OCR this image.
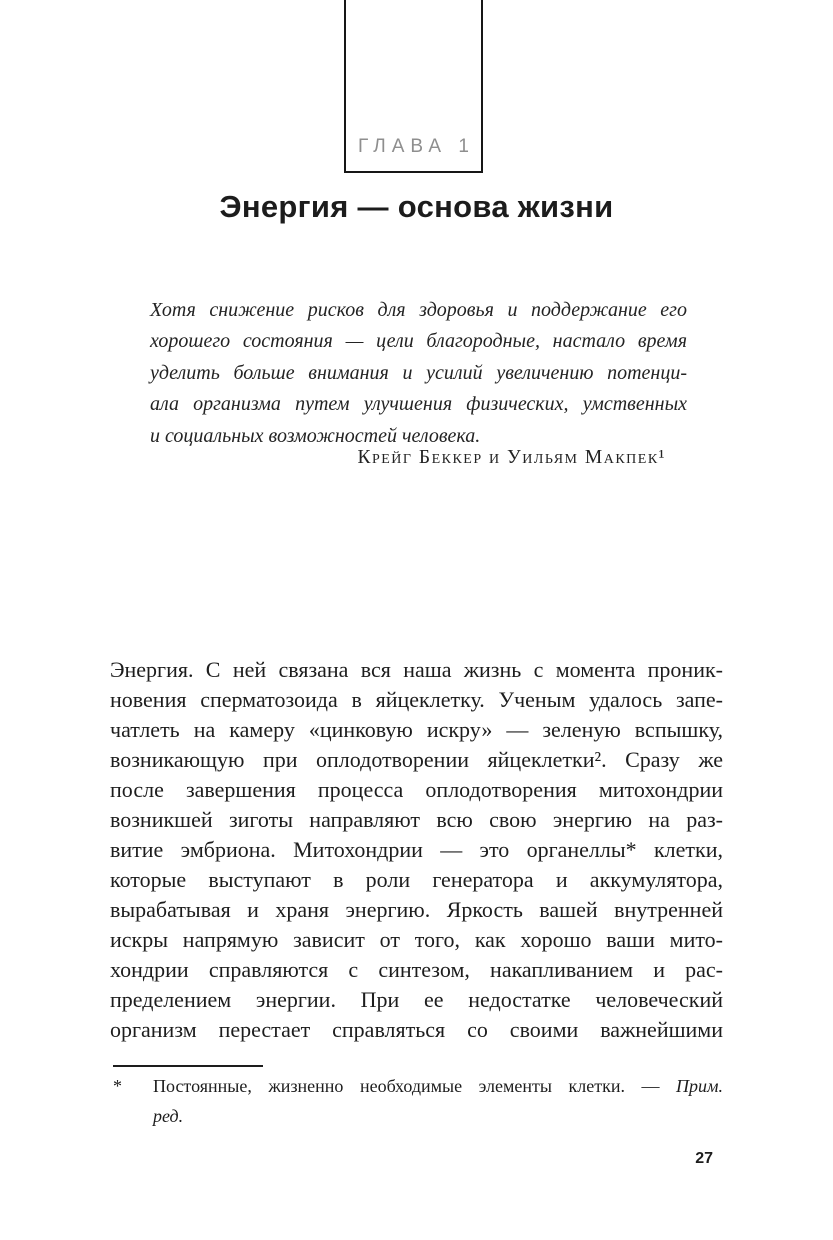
ГЛАВА 1
Энергия — основа жизни
Хотя снижение рисков для здоровья и поддержание его
хорошего состояния — цели благородные, настало время
уделить больше внимания и усилий увеличению потенци-
ала организма путем улучшения физических, умственных
и социальных возможностей человека.
Крейг Беккер и Уильям Макпек¹
Энергия. С ней связана вся наша жизнь с момента проник-
новения сперматозоида в яйцеклетку. Ученым удалось запе-
чатлеть на камеру «цинковую искру» — зеленую вспышку,
возникающую при оплодотворении яйцеклетки². Сразу же
после завершения процесса оплодотворения митохондрии
возникшей зиготы направляют всю свою энергию на раз-
витие эмбриона. Митохондрии — это органеллы* клетки,
которые выступают в роли генератора и аккумулятора,
вырабатывая и храня энергию. Яркость вашей внутренней
искры напрямую зависит от того, как хорошо ваши мито-
хондрии справляются с синтезом, накапливанием и рас-
пределением энергии. При ее недостатке человеческий
организм перестает справляться со своими важнейшими
*	Постоянные, жизненно необходимые элементы клетки. — Прим.
ред.
27
